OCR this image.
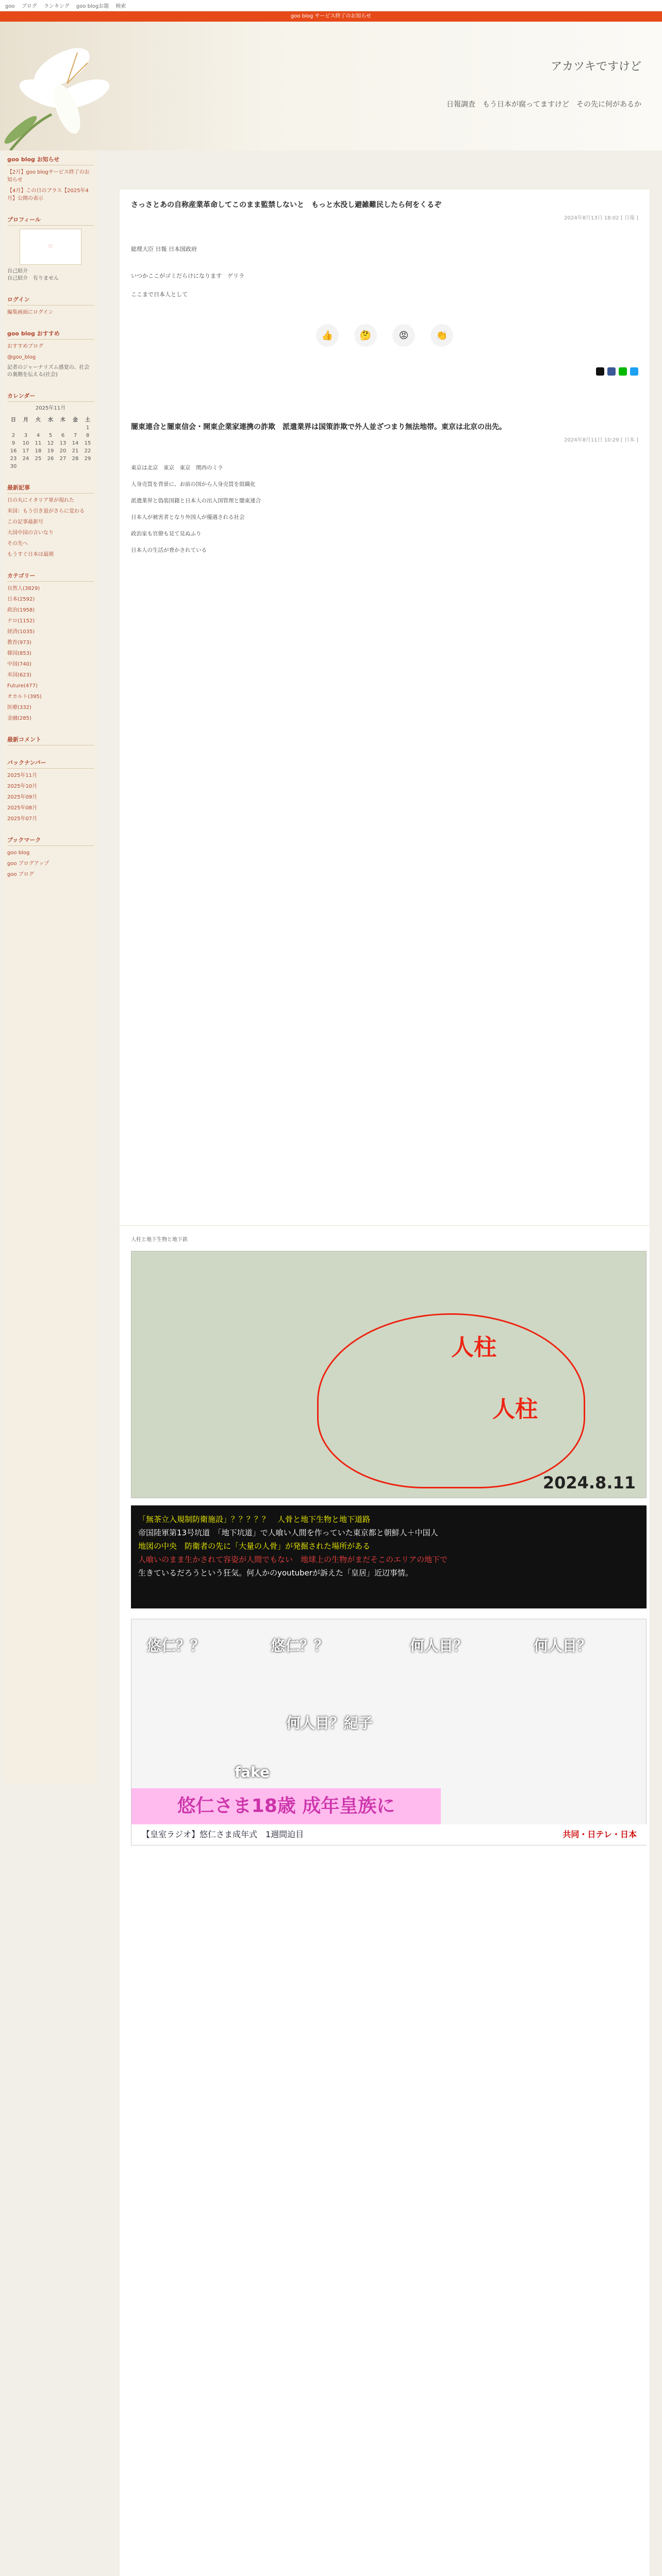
goo ブログ ランキング goo blogお題 検索
goo blog サービス終了のお知らせ
アカツキですけど
日報調査　もう日本が腐ってますけど　その先に何があるか
goo blog お知らせ
【2月】goo blogサービス終了のお知らせ
【4月】この日のブラス【2025年4月】公開の表示
プロフィール
♡
自己紹介
自己紹介　有りません
ログイン
編集画面にログイン
goo blog おすすめ
おすすめブログ
@goo_blog
記者のジャーナリズム感覚の、社会の裏側を伝える(社会)
カレンダー
2025年11月
日	月	火	水	木	金	土
						1
2	3	4	5	6	7	8
9	10	11	12	13	14	15
16	17	18	19	20	21	22
23	24	25	26	27	28	29
30						
最新記事
日の丸にイタリア軍が現れた
米国：もう引き退がさらに変わる
この記事最新号
大国中国の言いなり
その先へ
もうすぐ日本は最期
カテゴリー
自然人(3829)
日本(2592)
政治(1958)
テロ(1152)
経済(1035)
教育(973)
韓国(853)
中国(740)
米国(623)
Future(477)
オカルト(395)
医療(332)
金融(285)
最新コメント
バックナンバー
2025年11月
2025年10月
2025年09月
2025年08月
2025年07月
ブックマーク
goo blog
goo ブログアップ
goo ブログ
さっさとあの自称産業革命してこのまま監禁しないと　もっと水没し避雑難民したら何をくるぞ
2024年8月13日 18:02 [ 日報 ]

総理大臣 日報 日本国政府

いつかここがゴミだらけになります　ゲリラ

ここまで日本人として

👍	🤔	😡	👏
闇東連合と闇東信会・開東企業家連携の詐欺　派遣業界は国策詐欺で外人並ざつまり無法地帯。東京は北京の出先。
2024年8月11日 10:29 [ 日本 ]

東京は北京　東京　東京　関西のミラ

人身売買を背景に、お前の国から人身売買を組織化

派遣業界と偽装国籍と日本人の出入国管理と闇東連合

日本人が被害者となり外国人が優遇される社会

政治家も官僚も見て見ぬふり

日本人の生活が脅かされている

人柱と地下生物と地下鉄
人柱
人柱
2024.8.11
「無茶立入規制防衛施設」？？？？？　人骨と地下生物と地下道路
帝国陸軍第13号坑道　「地下坑道」で人喰い人間を作っていた東京都と朝鮮人＋中国人
地図の中央　防衛者の先に「大量の人骨」が発掘された場所がある
人喰いのまま生かされて容姿が人間でもない　地球上の生物がまだそこのエリアの地下で
生きているだろうという狂気。何人かのyoutuberが訴えた「皇居」近辺事情。
悠仁？？	悠仁？？	何人目？	何人目？
何人目？紀子
fake
悠仁さま18歳 成年皇族に
【皇室ラジオ】悠仁さま成年式　1週間迫目	共同・日テレ・日本
